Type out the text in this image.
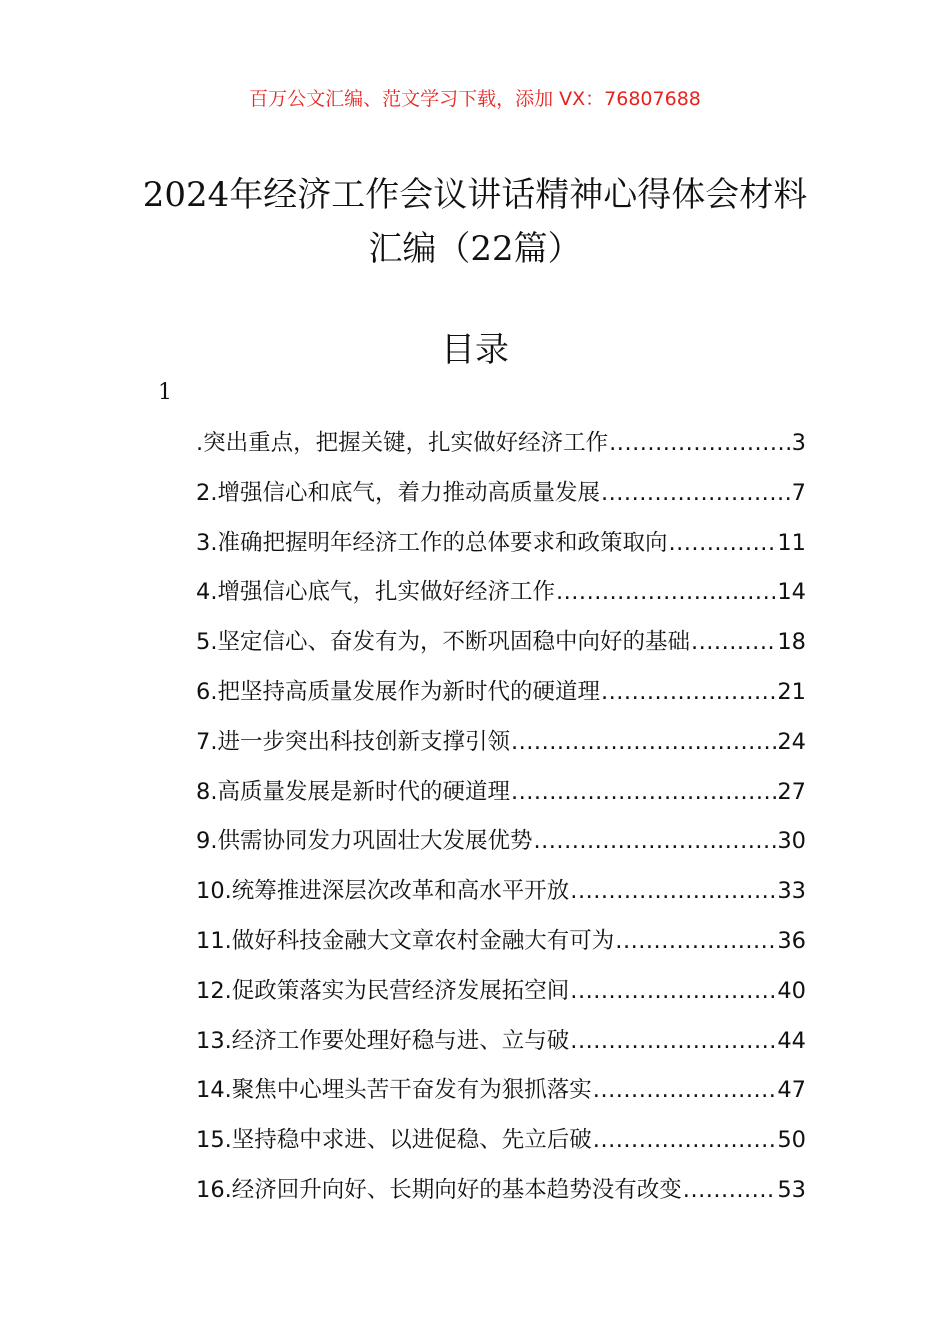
百万公文汇编、范文学习下载，添加 VX：76807688
2024年经济工作会议讲话精神心得体会材料汇编（22篇）
目录
1
.突出重点，把握关键，扎实做好经济工作 .....	3
2.增强信心和底气，着力推动高质量发展 .....	7
3.准确把握明年经济工作的总体要求和政策取向 .....	11
4.增强信心底气，扎实做好经济工作 .....	14
5.坚定信心、奋发有为，不断巩固稳中向好的基础 .....	18
6.把坚持高质量发展作为新时代的硬道理 .....	21
7.进一步突出科技创新支撑引领 .....	24
8.高质量发展是新时代的硬道理 .....	27
9.供需协同发力巩固壮大发展优势 .....	30
10.统筹推进深层次改革和高水平开放 .....	33
11.做好科技金融大文章农村金融大有可为 .....	36
12.促政策落实为民营经济发展拓空间 .....	40
13.经济工作要处理好稳与进、立与破 .....	44
14.聚焦中心埋头苦干奋发有为狠抓落实 .....	47
15.坚持稳中求进、以进促稳、先立后破 .....	50
16.经济回升向好、长期向好的基本趋势没有改变 .....	53
